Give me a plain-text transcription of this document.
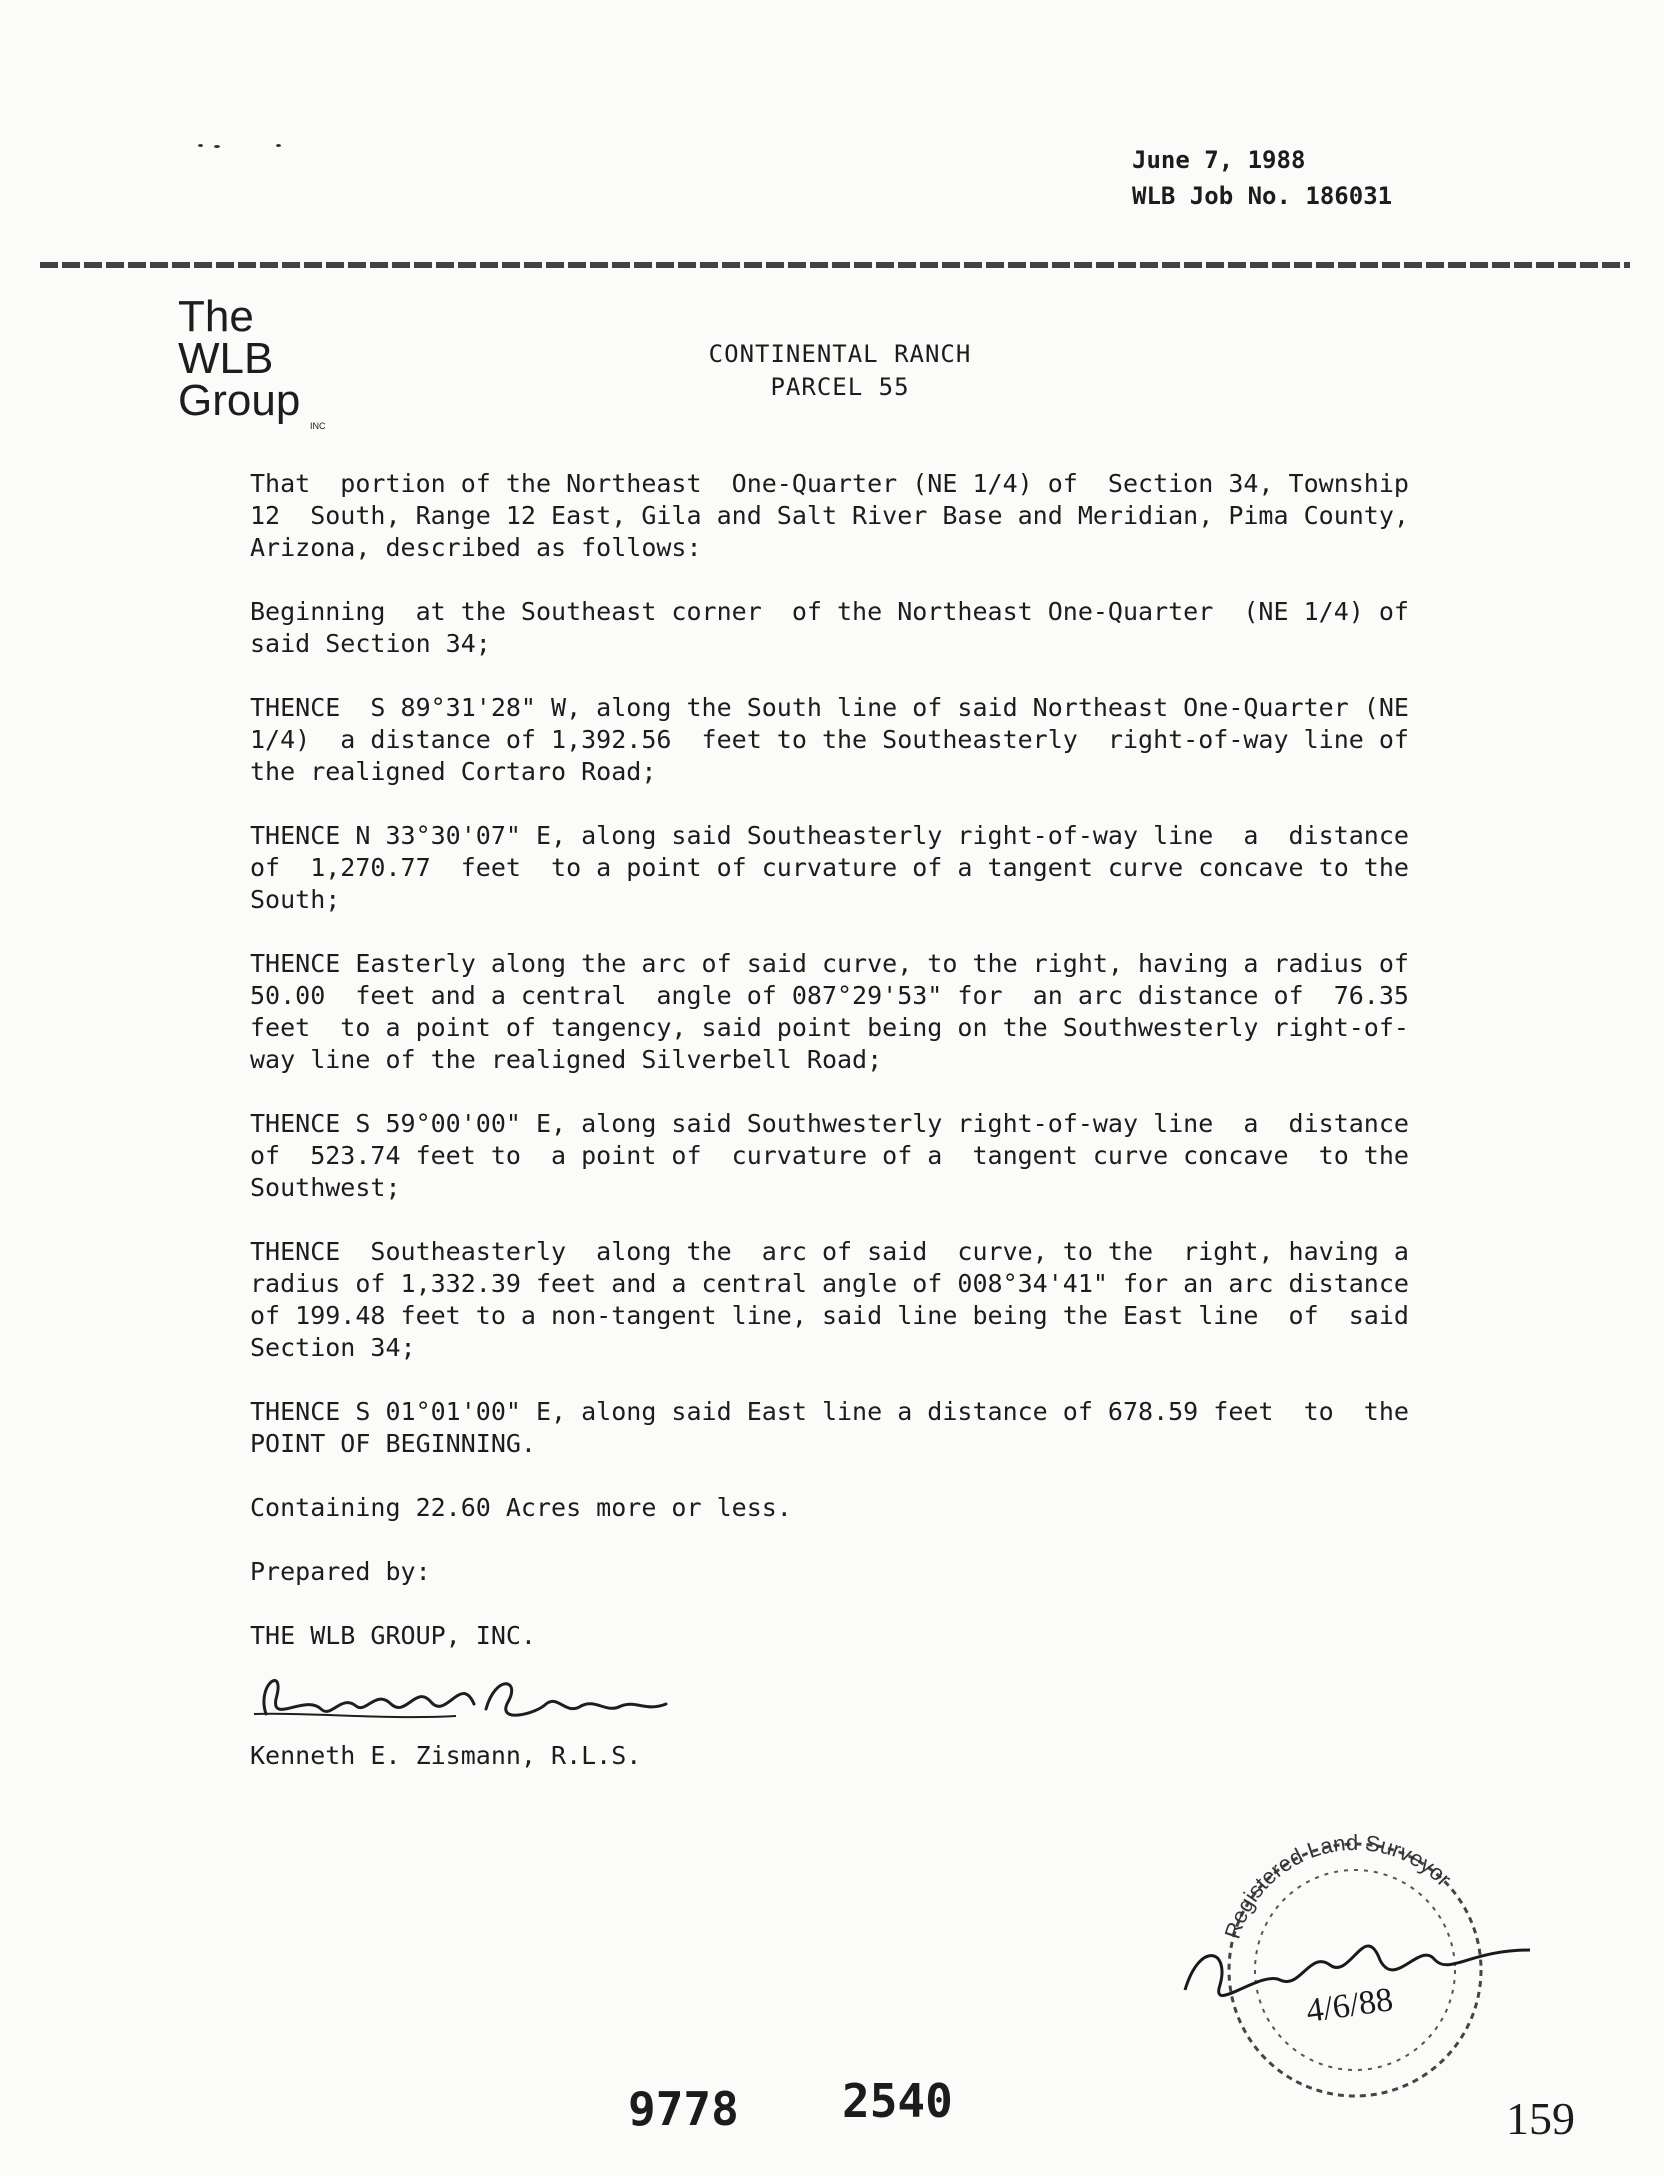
June 7, 1988
WLB Job No. 186031
The
WLB
Group
INC
CONTINENTAL RANCH
PARCEL 55

That  portion of the Northeast  One-Quarter (NE 1/4) of  Section 34, Township
12  South, Range 12 East, Gila and Salt River Base and Meridian, Pima County,
Arizona, described as follows:

Beginning  at the Southeast corner  of the Northeast One-Quarter  (NE 1/4) of
said Section 34;

THENCE  S 89°31'28" W, along the South line of said Northeast One-Quarter (NE
1/4)  a distance of 1,392.56  feet to the Southeasterly  right-of-way line of
the realigned Cortaro Road;

THENCE N 33°30'07" E, along said Southeasterly right-of-way line  a  distance
of  1,270.77  feet  to a point of curvature of a tangent curve concave to the
South;

THENCE Easterly along the arc of said curve, to the right, having a radius of
50.00  feet and a central  angle of 087°29'53" for  an arc distance of  76.35
feet  to a point of tangency, said point being on the Southwesterly right-of-
way line of the realigned Silverbell Road;

THENCE S 59°00'00" E, along said Southwesterly right-of-way line  a  distance
of  523.74 feet to  a point of  curvature of a  tangent curve concave  to the
Southwest;

THENCE  Southeasterly  along the  arc of said  curve, to the  right, having a
radius of 1,332.39 feet and a central angle of 008°34'41" for an arc distance
of 199.48 feet to a non-tangent line, said line being the East line  of  said
Section 34;

THENCE S 01°01'00" E, along said East line a distance of 678.59 feet  to  the
POINT OF BEGINNING.

Containing 22.60 Acres more or less.

Prepared by:

THE WLB GROUP, INC.

Kenneth E. Zismann, R.L.S.

Registered Land Surveyor
4/6/88
9778 2540	159
